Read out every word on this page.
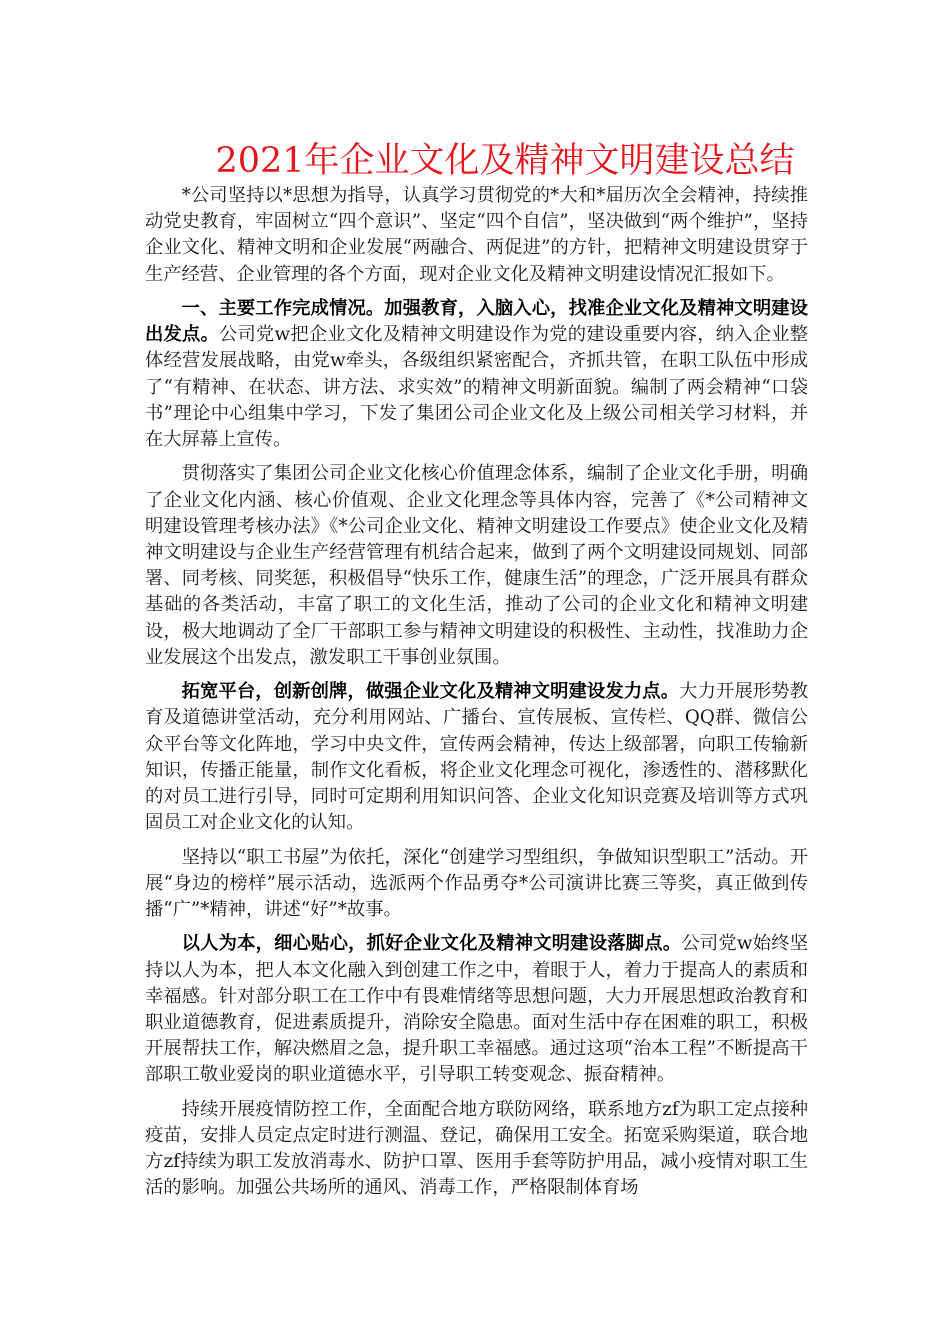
2021年企业文化及精神文明建设总结

*公司坚持以*思想为指导，认真学习贯彻党的*大和*届历次全会精神，持续推动党史教育，牢固树立“四个意识”、坚定“四个自信”，坚决做到“两个维护”，坚持企业文化、精神文明和企业发展“两融合、两促进”的方针，把精神文明建设贯穿于生产经营、企业管理的各个方面，现对企业文化及精神文明建设情况汇报如下。

一、主要工作完成情况。加强教育，入脑入心，找准企业文化及精神文明建设出发点。公司党w把企业文化及精神文明建设作为党的建设重要内容，纳入企业整体经营发展战略，由党w牵头，各级组织紧密配合，齐抓共管，在职工队伍中形成了“有精神、在状态、讲方法、求实效”的精神文明新面貌。编制了两会精神“口袋书”理论中心组集中学习，下发了集团公司企业文化及上级公司相关学习材料，并在大屏幕上宣传。

贯彻落实了集团公司企业文化核心价值理念体系，编制了企业文化手册，明确了企业文化内涵、核心价值观、企业文化理念等具体内容，完善了《*公司精神文明建设管理考核办法》《*公司企业文化、精神文明建设工作要点》使企业文化及精神文明建设与企业生产经营管理有机结合起来，做到了两个文明建设同规划、同部署、同考核、同奖惩，积极倡导“快乐工作，健康生活”的理念，广泛开展具有群众基础的各类活动，丰富了职工的文化生活，推动了公司的企业文化和精神文明建设，极大地调动了全厂干部职工参与精神文明建设的积极性、主动性，找准助力企业发展这个出发点，激发职工干事创业氛围。

拓宽平台，创新创牌，做强企业文化及精神文明建设发力点。大力开展形势教育及道德讲堂活动，充分利用网站、广播台、宣传展板、宣传栏、QQ群、微信公众平台等文化阵地，学习中央文件，宣传两会精神，传达上级部署，向职工传输新知识，传播正能量，制作文化看板，将企业文化理念可视化，渗透性的、潜移默化的对员工进行引导，同时可定期利用知识问答、企业文化知识竞赛及培训等方式巩固员工对企业文化的认知。

坚持以“职工书屋”为依托，深化“创建学习型组织，争做知识型职工”活动。开展“身边的榜样”展示活动，选派两个作品勇夺*公司演讲比赛三等奖，真正做到传播“广”*精神，讲述“好”*故事。

以人为本，细心贴心，抓好企业文化及精神文明建设落脚点。公司党w始终坚持以人为本，把人本文化融入到创建工作之中，着眼于人，着力于提高人的素质和幸福感。针对部分职工在工作中有畏难情绪等思想问题，大力开展思想政治教育和职业道德教育，促进素质提升，消除安全隐患。面对生活中存在困难的职工，积极开展帮扶工作，解决燃眉之急，提升职工幸福感。通过这项“治本工程”不断提高干部职工敬业爱岗的职业道德水平，引导职工转变观念、振奋精神。

持续开展疫情防控工作，全面配合地方联防网络，联系地方zf为职工定点接种疫苗，安排人员定点定时进行测温、登记，确保用工安全。拓宽采购渠道，联合地方zf持续为职工发放消毒水、防护口罩、医用手套等防护用品，减小疫情对职工生活的影响。加强公共场所的通风、消毒工作，严格限制体育场
